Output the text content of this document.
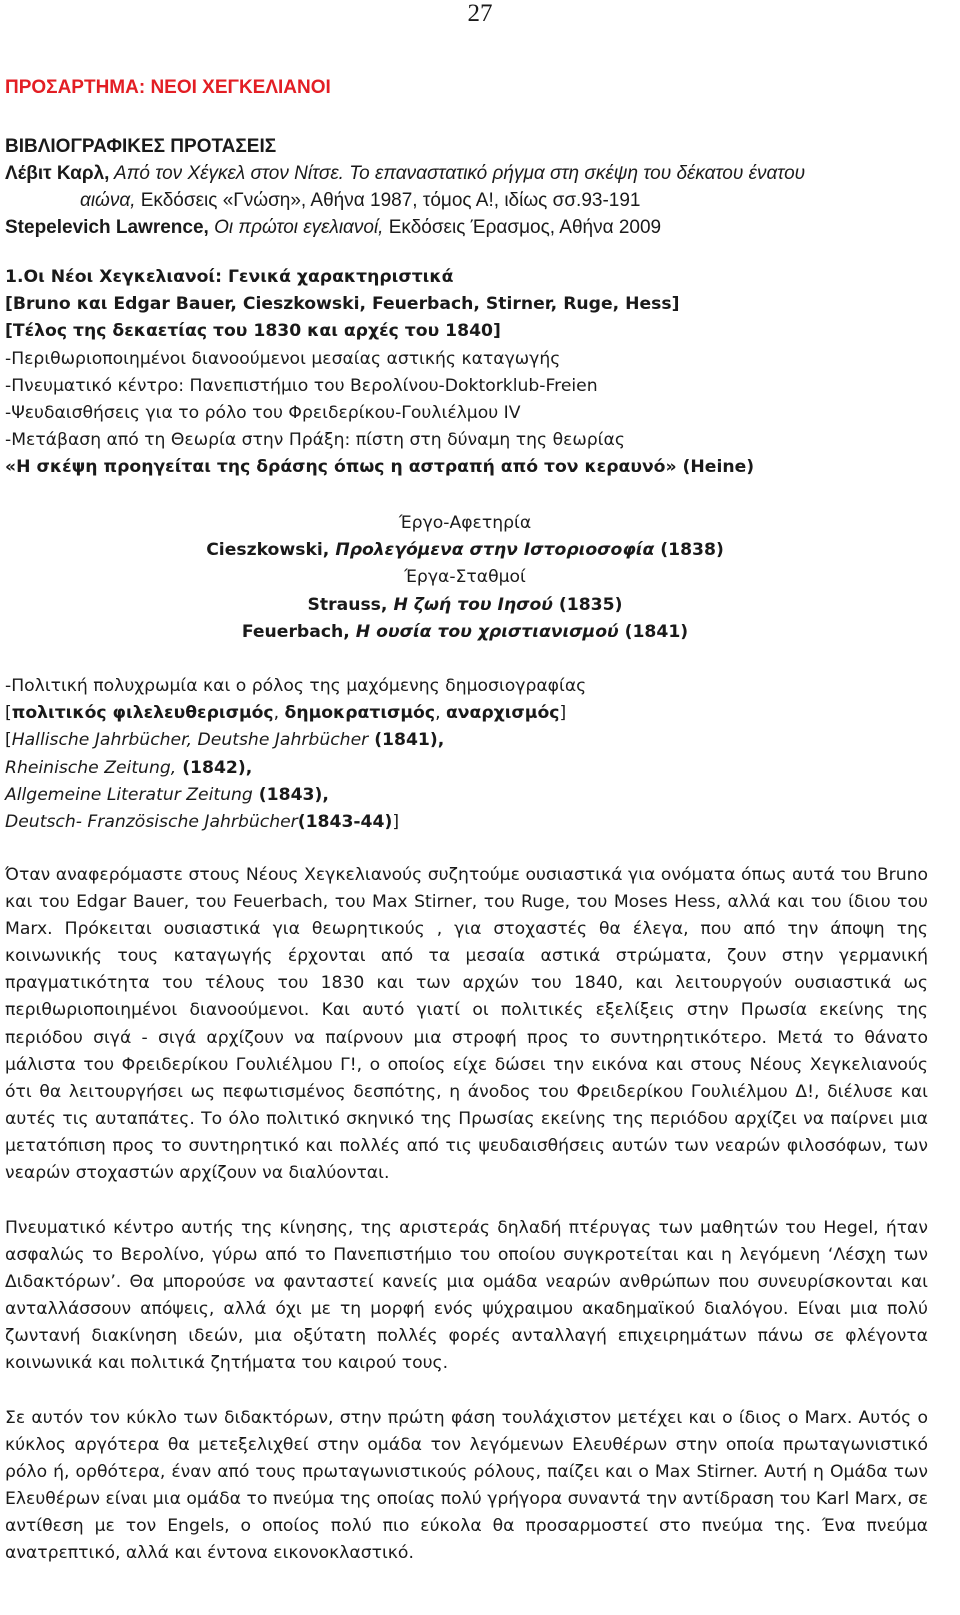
27
ΠΡΟΣΑΡΤΗΜΑ: ΝΕΟΙ ΧΕΓΚΕΛΙΑΝΟΙ
ΒΙΒΛΙΟΓΡΑΦΙΚΕΣ ΠΡΟΤΑΣΕΙΣ
Λέβιτ Καρλ, Από τον Χέγκελ στον Νίτσε. Το επαναστατικό ρήγμα στη σκέψη του δέκατου ένατου
αιώνα, Εκδόσεις «Γνώση», Αθήνα 1987, τόμος Α!, ιδίως σσ.93-191
Stepelevich Lawrence, Οι πρώτοι εγελιανοί, Εκδόσεις Έρασμος, Αθήνα 2009
1.Οι Νέοι Χεγκελιανοί: Γενικά χαρακτηριστικά
[Bruno και Edgar Bauer, Cieszkowski, Feuerbach, Stirner, Ruge, Hess]
[Τέλος της δεκαετίας του 1830 και αρχές του 1840]
-Περιθωριοποιημένοι διανοούμενοι μεσαίας αστικής καταγωγής
-Πνευματικό κέντρο: Πανεπιστήμιο του Βερολίνου-Doktorklub-Freien
-Ψευδαισθήσεις για το ρόλο του Φρειδερίκου-Γουλιέλμου IV
-Μετάβαση από τη Θεωρία στην Πράξη: πίστη στη δύναμη της θεωρίας
«Η σκέψη προηγείται της δράσης όπως η αστραπή από τον κεραυνό» (Heine)
Έργο-Αφετηρία
Cieszkowski, Προλεγόμενα στην Ιστοριοσοφία (1838)
Έργα-Σταθμοί
Strauss, Η ζωή του Ιησού (1835)
Feuerbach, Η ουσία του χριστιανισμού (1841)
-Πολιτική πολυχρωμία και ο ρόλος της μαχόμενης δημοσιογραφίας
[πολιτικός φιλελευθερισμός, δημοκρατισμός, αναρχισμός]
[Hallische Jahrbücher, Deutshe Jahrbücher (1841),
Rheinische Zeitung, (1842),
Allgemeine Literatur Zeitung (1843),
Deutsch- Französische Jahrbücher(1843-44)]
Όταν αναφερόμαστε στους Νέους Χεγκελιανούς συζητούμε ουσιαστικά για ονόματα όπως αυτά του Bruno και του Edgar Bauer, του Feuerbach, του Max Stirner, του Ruge, του Moses Hess, αλλά και του ίδιου του Marx. Πρόκειται ουσιαστικά για θεωρητικούς , για στοχαστές θα έλεγα, που από την άποψη της κοινωνικής τους καταγωγής έρχονται από τα μεσαία αστικά στρώματα, ζουν στην γερμανική πραγματικότητα του τέλους του 1830 και των αρχών του 1840, και λειτουργούν ουσιαστικά ως περιθωριοποιημένοι διανοούμενοι. Και αυτό γιατί οι πολιτικές εξελίξεις στην Πρωσία εκείνης της περιόδου σιγά - σιγά αρχίζουν να παίρνουν μια στροφή προς το συντηρητικότερο. Μετά το θάνατο μάλιστα του Φρειδερίκου Γουλιέλμου Γ!, ο οποίος είχε δώσει την εικόνα και στους Νέους Χεγκελιανούς ότι θα λειτουργήσει ως πεφωτισμένος δεσπότης, η άνοδος του Φρειδερίκου Γουλιέλμου Δ!, διέλυσε και αυτές τις αυταπάτες. Το όλο πολιτικό σκηνικό της Πρωσίας εκείνης της περιόδου αρχίζει να παίρνει μια μετατόπιση προς το συντηρητικό και πολλές από τις ψευδαισθήσεις αυτών των νεαρών φιλοσόφων, των νεαρών στοχαστών αρχίζουν να διαλύονται.
Πνευματικό κέντρο αυτής της κίνησης, της αριστεράς δηλαδή πτέρυγας των μαθητών του Hegel, ήταν ασφαλώς το Βερολίνο, γύρω από το Πανεπιστήμιο του οποίου συγκροτείται και η λεγόμενη ‘Λέσχη των Διδακτόρων’. Θα μπορούσε να φανταστεί κανείς μια ομάδα νεαρών ανθρώπων που συνευρίσκονται και ανταλλάσσουν απόψεις, αλλά όχι με τη μορφή ενός ψύχραιμου ακαδημαϊκού διαλόγου. Είναι μια πολύ ζωντανή διακίνηση ιδεών, μια οξύτατη πολλές φορές ανταλλαγή επιχειρημάτων πάνω σε φλέγοντα κοινωνικά και πολιτικά ζητήματα του καιρού τους.
Σε αυτόν τον κύκλο των διδακτόρων, στην πρώτη φάση τουλάχιστον μετέχει και ο ίδιος ο Marx. Αυτός ο κύκλος αργότερα θα μετεξελιχθεί στην ομάδα τον λεγόμενων Ελευθέρων στην οποία πρωταγωνιστικό ρόλο ή, ορθότερα, έναν από τους πρωταγωνιστικούς ρόλους, παίζει και ο Max Stirner. Αυτή η Ομάδα των Ελευθέρων είναι μια ομάδα το πνεύμα της οποίας πολύ γρήγορα συναντά την αντίδραση του Karl Marx, σε αντίθεση με τον Engels, ο οποίος πολύ πιο εύκολα θα προσαρμοστεί στο πνεύμα της. Ένα πνεύμα ανατρεπτικό, αλλά και έντονα εικονοκλαστικό.
